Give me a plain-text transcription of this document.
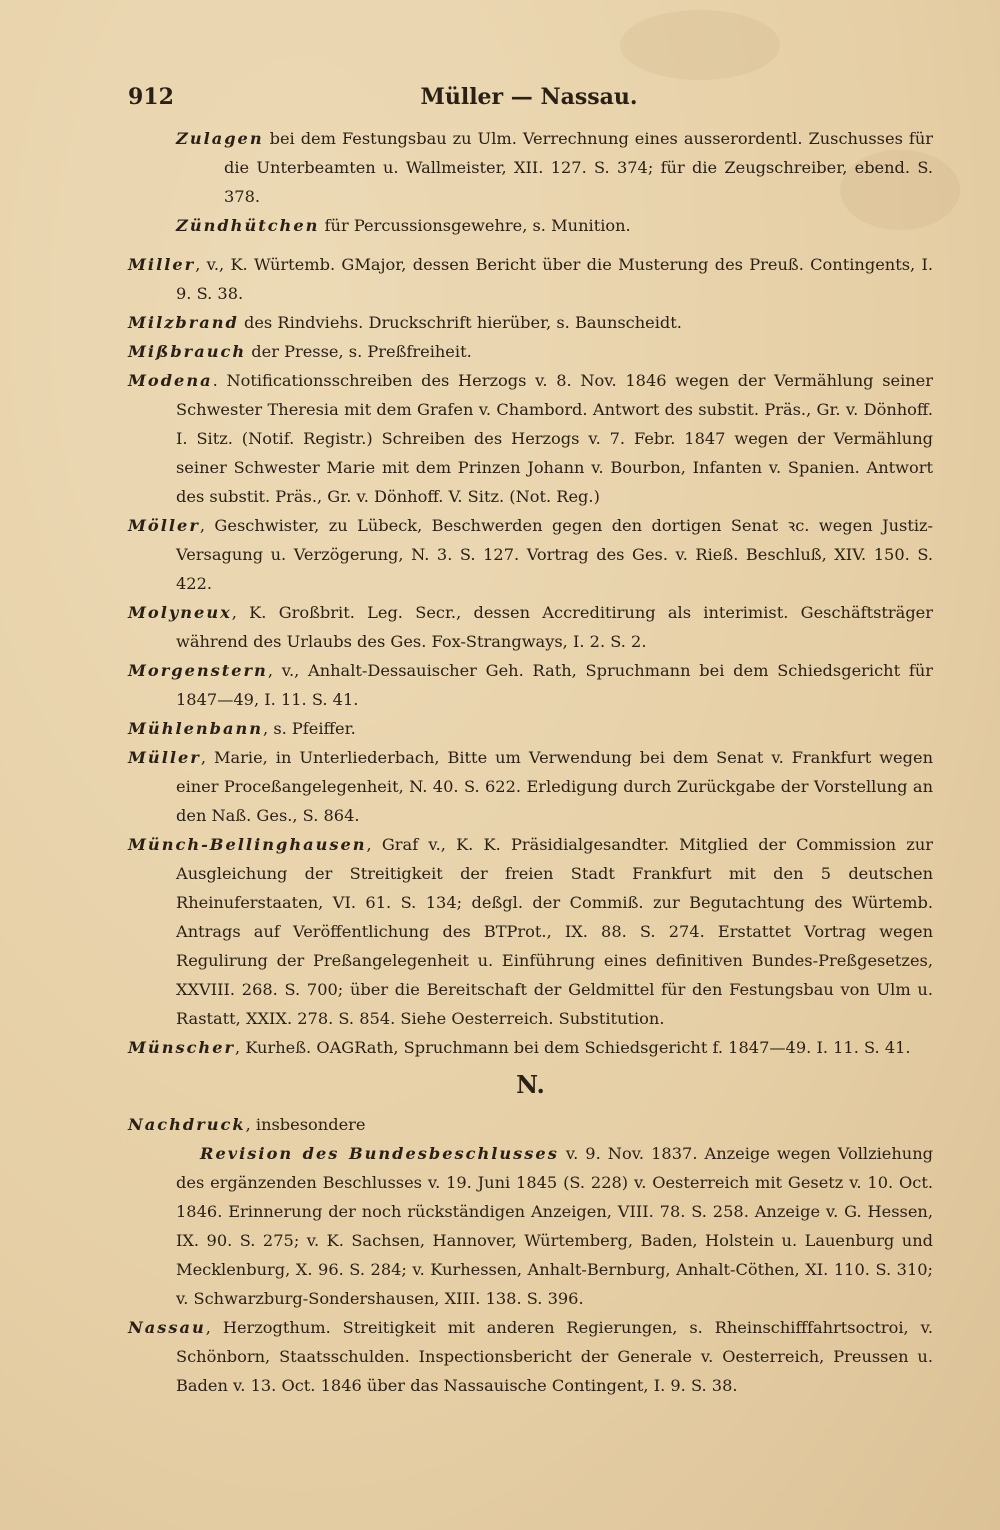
912	Müller — Nassau.

Zulagen bei dem Festungsbau zu Ulm. Verrechnung eines ausserordentl. Zuschusses für die Unterbeamten u. Wallmeister, XII. 127. S. 374; für die Zeugschreiber, ebend. S. 378.

Zündhütchen für Percussionsgewehre, s. Munition.

Miller, v., K. Würtemb. GMajor, dessen Bericht über die Musterung des Preuß. Contingents, I. 9. S. 38.

Milzbrand des Rindviehs. Druckschrift hierüber, s. Baunscheidt.

Mißbrauch der Presse, s. Preßfreiheit.

Modena. Notificationsschreiben des Herzogs v. 8. Nov. 1846 wegen der Vermählung seiner Schwester Theresia mit dem Grafen v. Chambord. Antwort des substit. Präs., Gr. v. Dönhoff. I. Sitz. (Notif. Registr.) Schreiben des Herzogs v. 7. Febr. 1847 wegen der Vermählung seiner Schwester Marie mit dem Prinzen Johann v. Bourbon, Infanten v. Spanien. Antwort des substit. Präs., Gr. v. Dönhoff. V. Sitz. (Not. Reg.)

Möller, Geschwister, zu Lübeck, Beschwerden gegen den dortigen Senat ꝛc. wegen Justiz-Versagung u. Verzögerung, N. 3. S. 127. Vortrag des Ges. v. Rieß. Beschluß, XIV. 150. S. 422.

Molyneux, K. Großbrit. Leg. Secr., dessen Accreditirung als interimist. Geschäftsträger während des Urlaubs des Ges. Fox-Strangways, I. 2. S. 2.

Morgenstern, v., Anhalt-Dessauischer Geh. Rath, Spruchmann bei dem Schiedsgericht für 1847—49, I. 11. S. 41.

Mühlenbann, s. Pfeiffer.

Müller, Marie, in Unterliederbach, Bitte um Verwendung bei dem Senat v. Frankfurt wegen einer Proceßangelegenheit, N. 40. S. 622. Erledigung durch Zurückgabe der Vorstellung an den Naß. Ges., S. 864.

Münch-Bellinghausen, Graf v., K. K. Präsidialgesandter. Mitglied der Commission zur Ausgleichung der Streitigkeit der freien Stadt Frankfurt mit den 5 deutschen Rheinuferstaaten, VI. 61. S. 134; deßgl. der Commiß. zur Begutachtung des Würtemb. Antrags auf Veröffentlichung des BTProt., IX. 88. S. 274. Erstattet Vortrag wegen Regulirung der Preßangelegenheit u. Einführung eines definitiven Bundes-Preßgesetzes, XXVIII. 268. S. 700; über die Bereitschaft der Geldmittel für den Festungsbau von Ulm u. Rastatt, XXIX. 278. S. 854. Siehe Oesterreich. Substitution.

Münscher, Kurheß. OAGRath, Spruchmann bei dem Schiedsgericht f. 1847—49. I. 11. S. 41.

N.

Nachdruck, insbesondere

Revision des Bundesbeschlusses v. 9. Nov. 1837. Anzeige wegen Vollziehung des ergänzenden Beschlusses v. 19. Juni 1845 (S. 228) v. Oesterreich mit Gesetz v. 10. Oct. 1846. Erinnerung der noch rückständigen Anzeigen, VIII. 78. S. 258. Anzeige v. G. Hessen, IX. 90. S. 275; v. K. Sachsen, Hannover, Würtemberg, Baden, Holstein u. Lauenburg und Mecklenburg, X. 96. S. 284; v. Kurhessen, Anhalt-Bernburg, Anhalt-Cöthen, XI. 110. S. 310; v. Schwarzburg-Sondershausen, XIII. 138. S. 396.

Nassau, Herzogthum. Streitigkeit mit anderen Regierungen, s. Rheinschifffahrtsoctroi, v. Schönborn, Staatsschulden. Inspectionsbericht der Generale v. Oesterreich, Preussen u. Baden v. 13. Oct. 1846 über das Nassauische Contingent, I. 9. S. 38.
